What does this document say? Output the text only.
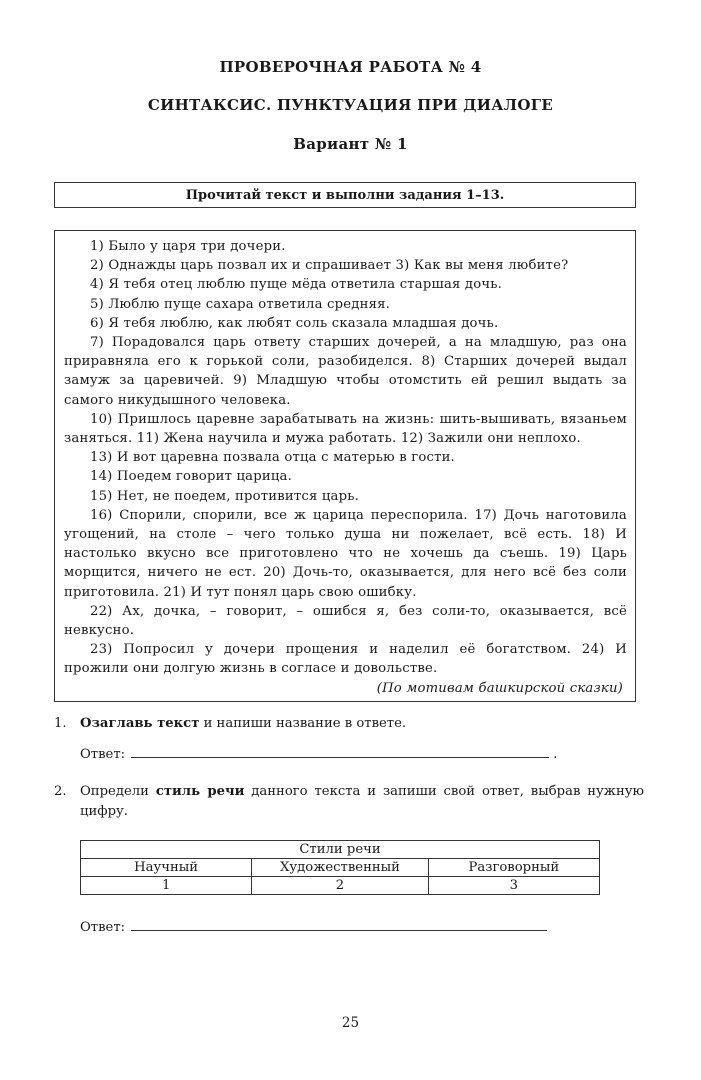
ПРОВЕРОЧНАЯ РАБОТА № 4
СИНТАКСИС. ПУНКТУАЦИЯ ПРИ ДИАЛОГЕ
Вариант № 1
Прочитай текст и выполни задания 1–13.

1) Было у царя три дочери.

2) Однажды царь позвал их и спрашивает 3) Как вы меня любите?

4) Я тебя отец люблю пуще мёда ответила старшая дочь.

5) Люблю пуще сахара ответила средняя.

6) Я тебя люблю, как любят соль сказала младшая дочь.

7) Порадовался царь ответу старших дочерей, а на младшую, раз она приравняла его к горькой соли, разобиделся. 8) Старших дочерей выдал замуж за царевичей. 9) Младшую чтобы отомстить ей решил выдать за самого никудышного человека.

10) Пришлось царевне зарабатывать на жизнь: шить-вышивать, вязаньем заняться. 11) Жена научила и мужа работать. 12) Зажили они неплохо.

13) И вот царевна позвала отца с матерью в гости.

14) Поедем говорит царица.

15) Нет, не поедем, противится царь.

16) Спорили, спорили, все ж царица переспорила. 17) Дочь наготовила угощений, на столе – чего только душа ни пожелает, всё есть. 18) И настолько вкусно все приготовлено что не хочешь да съешь. 19) Царь морщится, ничего не ест. 20) Дочь-то, оказывается, для него всё без соли приготовила. 21) И тут понял царь свою ошибку.

22) Ах, дочка, – говорит, – ошибся я, без соли-то, оказывается, всё невкусно.

23) Попросил у дочери прощения и наделил её богатством. 24) И прожили они долгую жизнь в согласе и довольстве.

(По мотивам башкирской сказки)

1. Озаглавь текст и напиши название в ответе.
Ответ:	.
2. Определи стиль речи данного текста и запиши свой ответ, выбрав нужную цифру.
Стили речи		
Научный	Художественный	Разговорный
1	2	3
Ответ:
25
